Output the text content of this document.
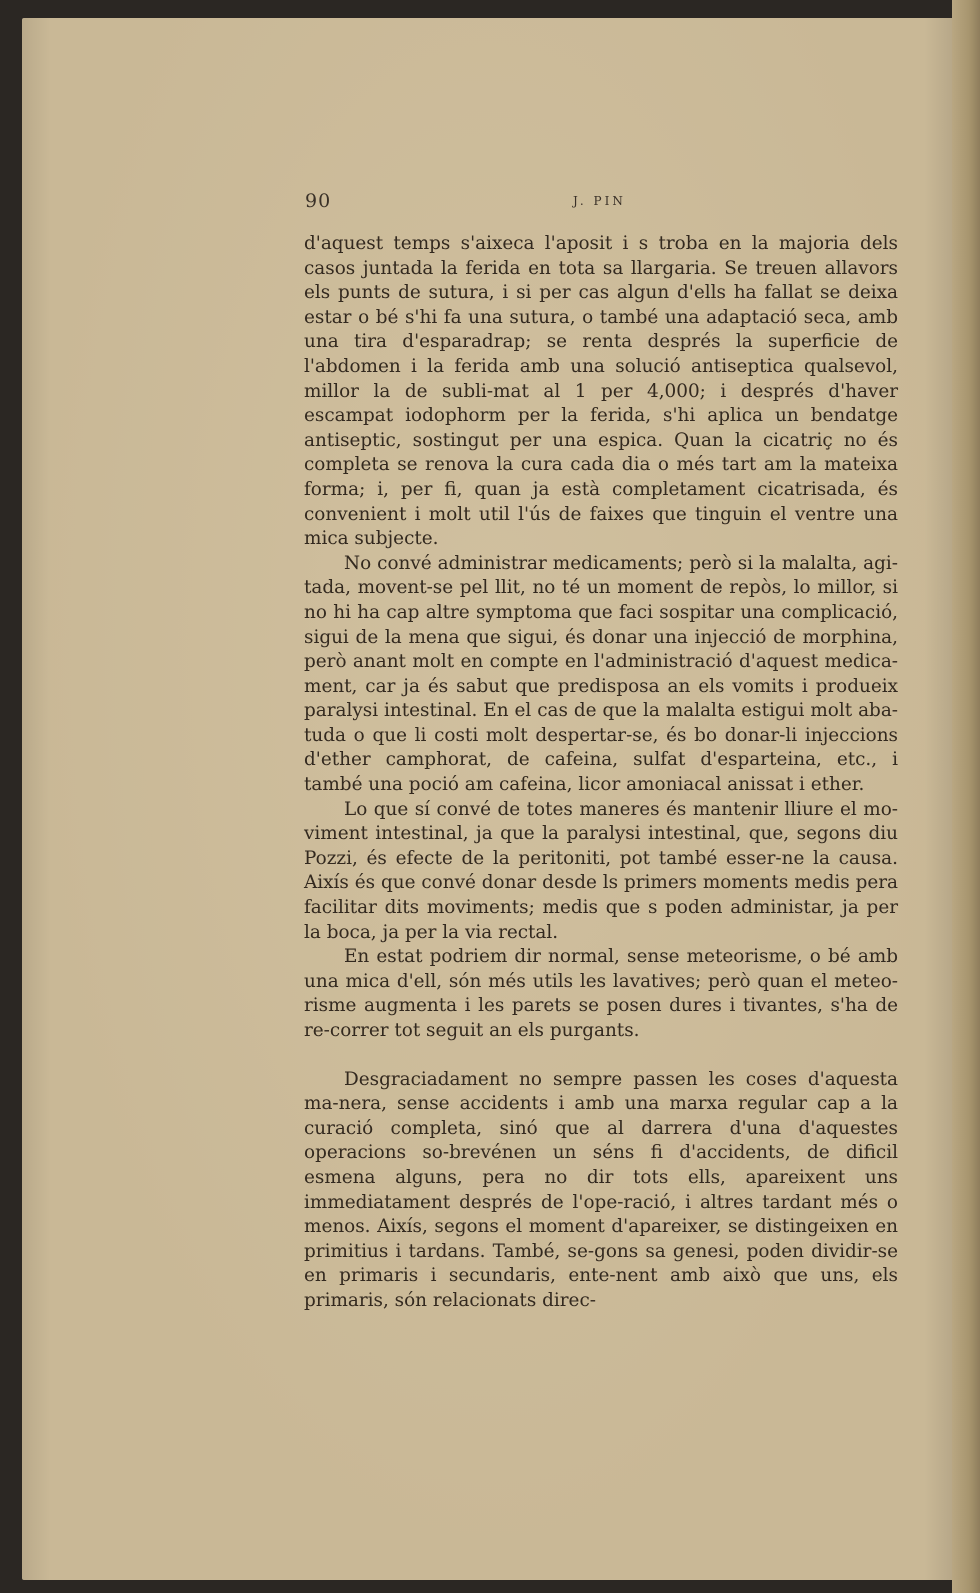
90	J. PIN

d'aquest temps s'aixeca l'aposit i s troba en la majoria dels casos juntada la ferida en tota sa llargaria. Se treuen allavors els punts de sutura, i si per cas algun d'ells ha fallat se deixa estar o bé s'hi fa una sutura, o també una adaptació seca, amb una tira d'esparadrap; se renta després la superficie de l'abdomen i la ferida amb una solució antiseptica qualsevol, millor la de subli-mat al 1 per 4,000; i després d'haver escampat iodophorm per la ferida, s'hi aplica un bendatge antiseptic, sostingut per una espica. Quan la cicatriç no és completa se renova la cura cada dia o més tart am la mateixa forma; i, per fi, quan ja està completament cicatrisada, és convenient i molt util l'ús de faixes que tinguin el ventre una mica subjecte.

No convé administrar medicaments; però si la malalta, agi-tada, movent-se pel llit, no té un moment de repòs, lo millor, si no hi ha cap altre symptoma que faci sospitar una complicació, sigui de la mena que sigui, és donar una injecció de morphina, però anant molt en compte en l'administració d'aquest medica-ment, car ja és sabut que predisposa an els vomits i produeix paralysi intestinal. En el cas de que la malalta estigui molt aba-tuda o que li costi molt despertar-se, és bo donar-li injeccions d'ether camphorat, de cafeina, sulfat d'esparteina, etc., i també una poció am cafeina, licor amoniacal anissat i ether.

Lo que sí convé de totes maneres és mantenir lliure el mo-viment intestinal, ja que la paralysi intestinal, que, segons diu Pozzi, és efecte de la peritoniti, pot també esser-ne la causa. Aixís és que convé donar desde ls primers moments medis pera facilitar dits moviments; medis que s poden administar, ja per la boca, ja per la via rectal.

En estat podriem dir normal, sense meteorisme, o bé amb una mica d'ell, són més utils les lavatives; però quan el meteo-risme augmenta i les parets se posen dures i tivantes, s'ha de re-correr tot seguit an els purgants.

Desgraciadament no sempre passen les coses d'aquesta ma-nera, sense accidents i amb una marxa regular cap a la curació completa, sinó que al darrera d'una d'aquestes operacions so-brevénen un séns fi d'accidents, de dificil esmena alguns, pera no dir tots ells, apareixent uns immediatament després de l'ope-ració, i altres tardant més o menos. Aixís, segons el moment d'apareixer, se distingeixen en primitius i tardans. També, se-gons sa genesi, poden dividir-se en primaris i secundaris, ente-nent amb això que uns, els primaris, són relacionats direc-
